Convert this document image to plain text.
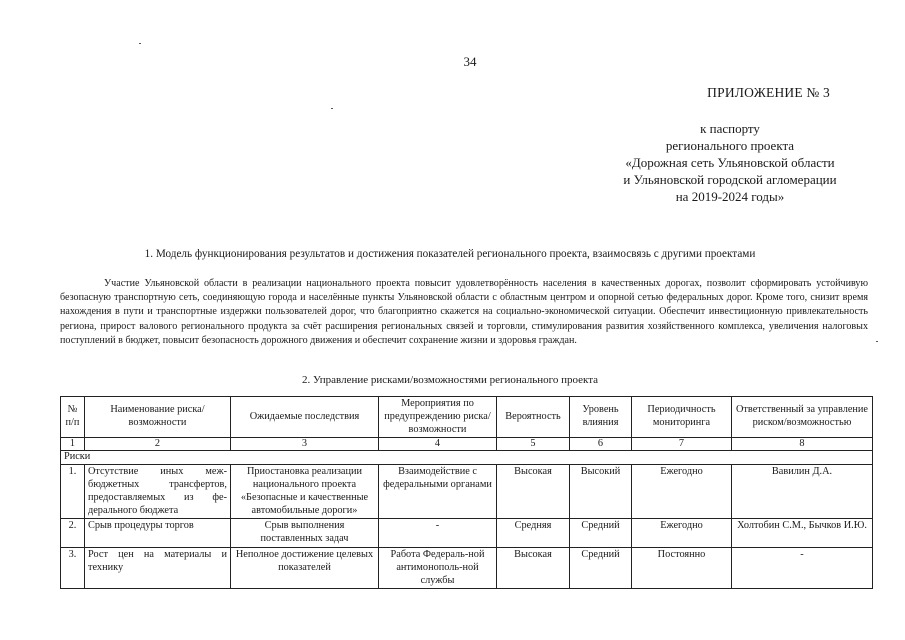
34
ПРИЛОЖЕНИЕ № 3
к паспорту
регионального проекта
«Дорожная сеть Ульяновской области
и Ульяновской городской агломерации
на 2019-2024 годы»
1. Модель функционирования результатов и достижения показателей регионального проекта, взаимосвязь с другими проектами
Участие Ульяновской области в реализации национального проекта повысит удовлетворённость населения в качественных дорогах, позволит сформировать устойчивую безопасную транспортную сеть, соединяющую города и населённые пункты Ульяновской области с областным центром и опорной сетью федеральных дорог. Кроме того, снизит время нахождения в пути и транспортные издержки пользователей дорог, что благоприятно скажется на социально-экономической ситуации. Обеспечит инвестиционную привлекательность региона, прирост валового регионального продукта за счёт расширения региональных связей и торговли, стимулирования развития хозяйственного комплекса, увеличения налоговых поступлений в бюджет, повысит безопасность дорожного движения и обеспечит сохранение жизни и здоровья граждан.
2. Управление рисками/возможностями регионального проекта
№ п/п	Наименование риска/возможности	Ожидаемые последствия	Мероприятия по предупреждению риска/возможности	Вероятность	Уровень влияния	Периодичность мониторинга	Ответственный за управление риском/возможностью
1	2	3	4	5	6	7	8
Риски							
1.	Отсутствие иных меж-бюджетных трансфертов, предоставляемых из фе-дерального бюджета	Приостановка реализации национального проекта «Безопасные и качественные автомобильные дороги»	Взаимодействие с федеральными органами	Высокая	Высокий	Ежегодно	Вавилин Д.А.
2.	Срыв процедуры торгов	Срыв выполнения поставленных задач	-	Средняя	Средний	Ежегодно	Холтобин С.М., Бычков И.Ю.
3.	Рост цен на материалы и технику	Неполное достижение целевых показателей	Работа Федераль-ной антимонополь-ной службы	Высокая	Средний	Постоянно	-
